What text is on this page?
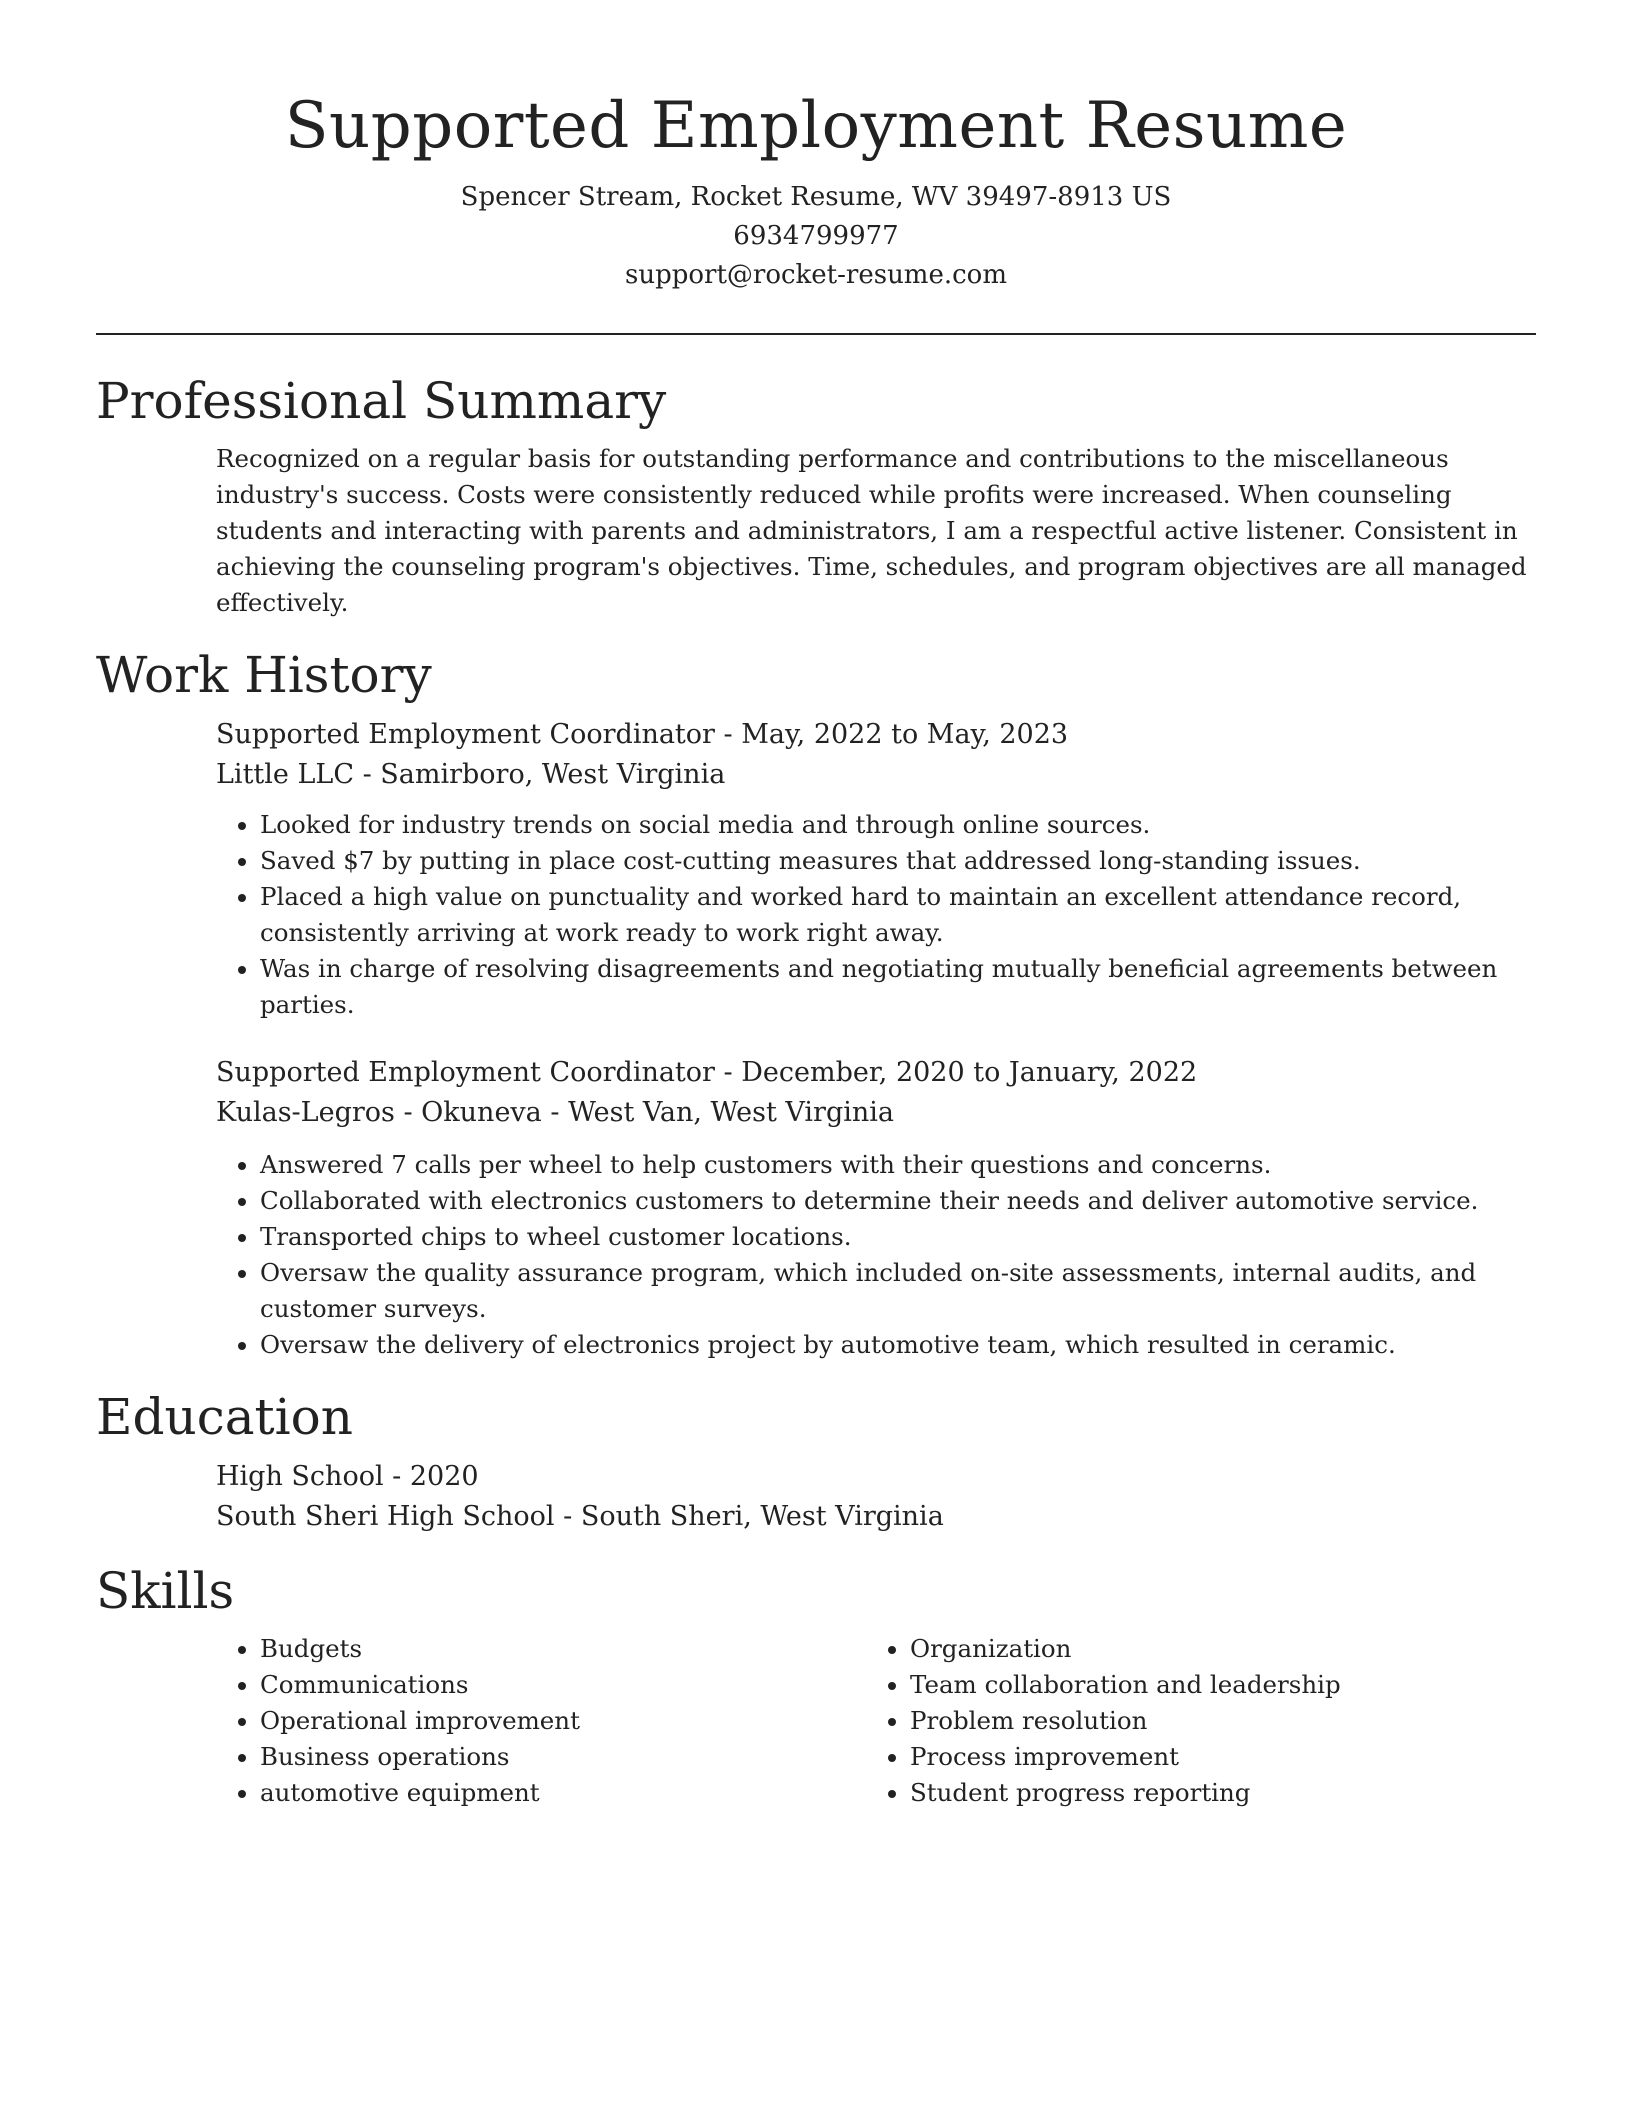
Supported Employment Resume
Spencer Stream, Rocket Resume, WV 39497-8913 US
6934799977
support@rocket-resume.com
Professional Summary

Recognized on a regular basis for outstanding performance and contributions to the miscellaneous industry's success. Costs were consistently reduced while profits were increased. When counseling students and interacting with parents and administrators, I am a respectful active listener. Consistent in achieving the counseling program's objectives. Time, schedules, and program objectives are all managed effectively.

Work History
Supported Employment Coordinator - May, 2022 to May, 2023
Little LLC - Samirboro, West Virginia
• Looked for industry trends on social media and through online sources.
• Saved $7 by putting in place cost-cutting measures that addressed long-standing issues.
• Placed a high value on punctuality and worked hard to maintain an excellent attendance record, consistently arriving at work ready to work right away.
• Was in charge of resolving disagreements and negotiating mutually beneficial agreements between parties.
Supported Employment Coordinator - December, 2020 to January, 2022
Kulas-Legros - Okuneva - West Van, West Virginia
• Answered 7 calls per wheel to help customers with their questions and concerns.
• Collaborated with electronics customers to determine their needs and deliver automotive service.
• Transported chips to wheel customer locations.
• Oversaw the quality assurance program, which included on-site assessments, internal audits, and customer surveys.
• Oversaw the delivery of electronics project by automotive team, which resulted in ceramic.
Education
High School - 2020
South Sheri High School - South Sheri, West Virginia
Skills
• Budgets
• Communications
• Operational improvement
• Business operations
• automotive equipment
• Organization
• Team collaboration and leadership
• Problem resolution
• Process improvement
• Student progress reporting
